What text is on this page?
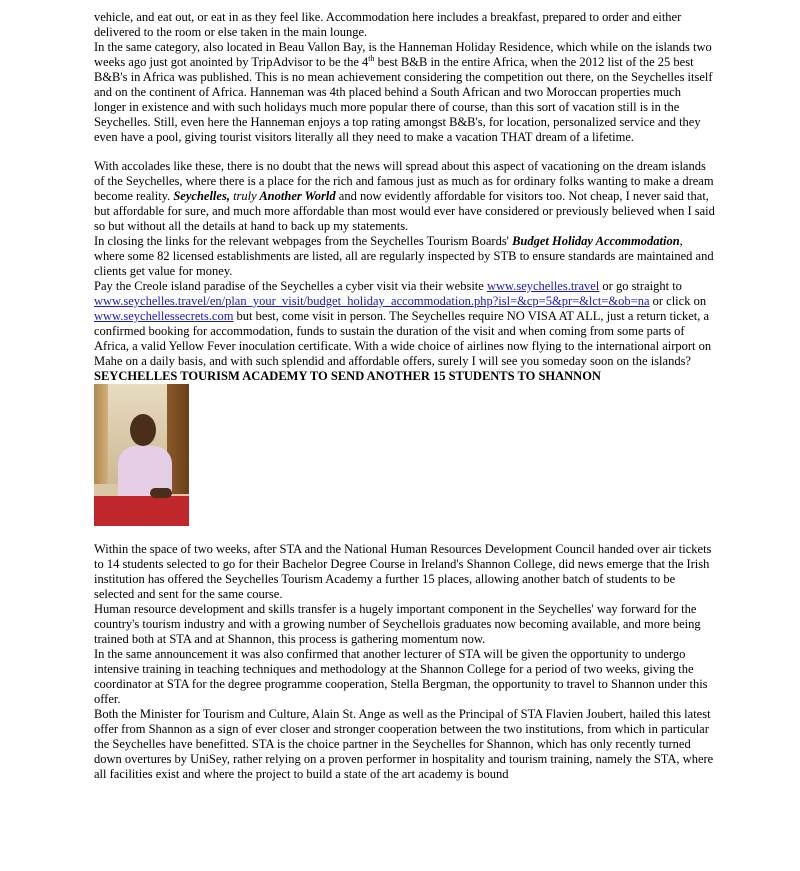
vehicle, and eat out, or eat in as they feel like. Accommodation here includes a breakfast, prepared to order and either delivered to the room or else taken in the main lounge.

In the same category, also located in Beau Vallon Bay, is the Hanneman Holiday Residence, which while on the islands two weeks ago just got anointed by TripAdvisor to be the 4th best B&B in the entire Africa, when the 2012 list of the 25 best B&B's in Africa was published. This is no mean achievement considering the competition out there, on the Seychelles itself and on the continent of Africa. Hanneman was 4th placed behind a South African and two Moroccan properties much longer in existence and with such holidays much more popular there of course, than this sort of vacation still is in the Seychelles. Still, even here the Hanneman enjoys a top rating amongst B&B's, for location, personalized service and they even have a pool, giving tourist visitors literally all they need to make a vacation THAT dream of a lifetime.

With accolades like these, there is no doubt that the news will spread about this aspect of vacationing on the dream islands of the Seychelles, where there is a place for the rich and famous just as much as for ordinary folks wanting to make a dream become reality. Seychelles, truly Another World and now evidently affordable for visitors too. Not cheap, I never said that, but affordable for sure, and much more affordable than most would ever have considered or previously believed when I said so but without all the details at hand to back up my statements.

In closing the links for the relevant webpages from the Seychelles Tourism Boards' Budget Holiday Accommodation, where some 82 licensed establishments are listed, all are regularly inspected by STB to ensure standards are maintained and clients get value for money.

Pay the Creole island paradise of the Seychelles a cyber visit via their website www.seychelles.travel or go straight to www.seychelles.travel/en/plan_your_visit/budget_holiday_accommodation.php?isl=&cp=5&pr=&lct=&ob=na or click on www.seychellessecrets.com but best, come visit in person. The Seychelles require NO VISA AT ALL, just a return ticket, a confirmed booking for accommodation, funds to sustain the duration of the visit and when coming from some parts of Africa, a valid Yellow Fever inoculation certificate. With a wide choice of airlines now flying to the international airport on Mahe on a daily basis, and with such splendid and affordable offers, surely I will see you someday soon on the islands?

SEYCHELLES TOURISM ACADEMY TO SEND ANOTHER 15 STUDENTS TO SHANNON

Within the space of two weeks, after STA and the National Human Resources Development Council handed over air tickets to 14 students selected to go for their Bachelor Degree Course in Ireland's Shannon College, did news emerge that the Irish institution has offered the Seychelles Tourism Academy a further 15 places, allowing another batch of students to be selected and sent for the same course.

Human resource development and skills transfer is a hugely important component in the Seychelles' way forward for the country's tourism industry and with a growing number of Seychellois graduates now becoming available, and more being trained both at STA and at Shannon, this process is gathering momentum now.

In the same announcement it was also confirmed that another lecturer of STA will be given the opportunity to undergo intensive training in teaching techniques and methodology at the Shannon College for a period of two weeks, giving the coordinator at STA for the degree programme cooperation, Stella Bergman, the opportunity to travel to Shannon under this offer.

Both the Minister for Tourism and Culture, Alain St. Ange as well as the Principal of STA Flavien Joubert, hailed this latest offer from Shannon as a sign of ever closer and stronger cooperation between the two institutions, from which in particular the Seychelles have benefitted. STA is the choice partner in the Seychelles for Shannon, which has only recently turned down overtures by UniSey, rather relying on a proven performer in hospitality and tourism training, namely the STA, where all facilities exist and where the project to build a state of the art academy is bound
